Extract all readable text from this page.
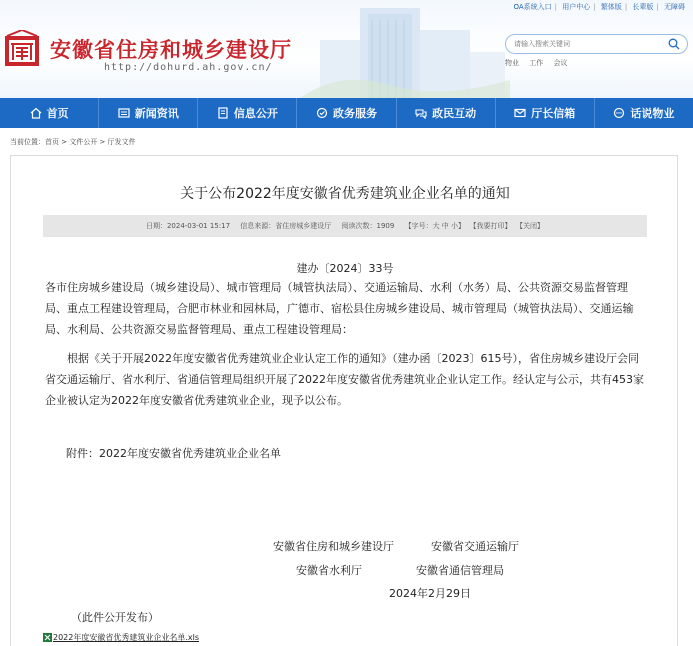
OA系统入口 | 用户中心 | 繁体版 | 长辈版 | 无障碍
安徽省住房和城乡建设厅
http://dohurd.ah.gov.cn/
请输入搜索关键词	物业 工作 会议
首页	新闻资讯	信息公开	政务服务	政民互动	厅长信箱	话说物业
当前位置：首页 > 文件公开 > 厅发文件
关于公布2022年度安徽省优秀建筑业企业名单的通知
日期：2024-03-01 15:17 信息来源：省住房城乡建设厅 阅读次数：1909 【字号：大 中 小】 【我要打印】 【关闭】
建办〔2024〕33号
各市住房城乡建设局（城乡建设局）、城市管理局（城管执法局）、交通运输局、水利（水务）局、公共资源交易监督管理局、重点工程建设管理局，合肥市林业和园林局，广德市、宿松县住房城乡建设局、城市管理局（城管执法局）、交通运输局、水利局、公共资源交易监督管理局、重点工程建设管理局：
根据《关于开展2022年度安徽省优秀建筑业企业认定工作的通知》（建办函〔2023〕615号），省住房城乡建设厅会同省交通运输厅、省水利厅、省通信管理局组织开展了2022年度安徽省优秀建筑业企业认定工作。经认定与公示，共有453家企业被认定为2022年度安徽省优秀建筑业企业，现予以公布。
附件：2022年度安徽省优秀建筑业企业名单
安徽省住房和城乡建设厅	安徽省交通运输厅
安徽省水利厅	安徽省通信管理局
2024年2月29日
（此件公开发布）
2022年度安徽省优秀建筑业企业名单.xls
